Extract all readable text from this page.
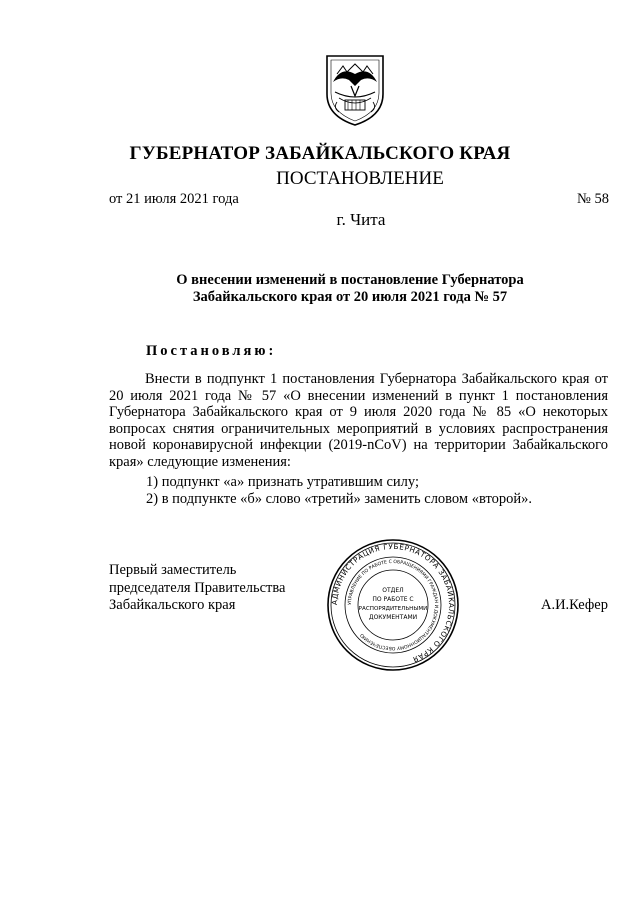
ГУБЕРНАТОР ЗАБАЙКАЛЬСКОГО КРАЯ
ПОСТАНОВЛЕНИЕ
от 21 июля 2021 года	№ 58
г. Чита
О внесении изменений в постановление Губернатора
Забайкальского края от 20 июля 2021 года № 57
Постановляю:
Внести в подпункт 1 постановления Губернатора Забайкальского края от 20 июля 2021 года № 57 «О внесении изменений в пункт 1 постановления Губернатора Забайкальского края от 9 июля 2020 года № 85 «О некоторых вопросах снятия ограничительных мероприятий в условиях распространения новой коронавирусной инфекции (2019-nCoV) на территории Забайкальского края» следующие изменения:
1) подпункт «а» признать утратившим силу;
2) в подпункте «б» слово «третий» заменить словом «второй».
Первый заместитель
председателя Правительства
Забайкальского края	АДМИНИСТРАЦИЯ ГУБЕРНАТОРА ЗАБАЙКАЛЬСКОГО КРАЯ
УПРАВЛЕНИЕ ПО РАБОТЕ С ОБРАЩЕНИЯМИ ГРАЖДАН И ДОКУМЕНТАЦИОННОМУ ОБЕСПЕЧЕНИЮ
ОТДЕЛ
ПО РАБОТЕ С
РАСПОРЯДИТЕЛЬНЫМИ
ДОКУМЕНТАМИ
А.И.Кефер
